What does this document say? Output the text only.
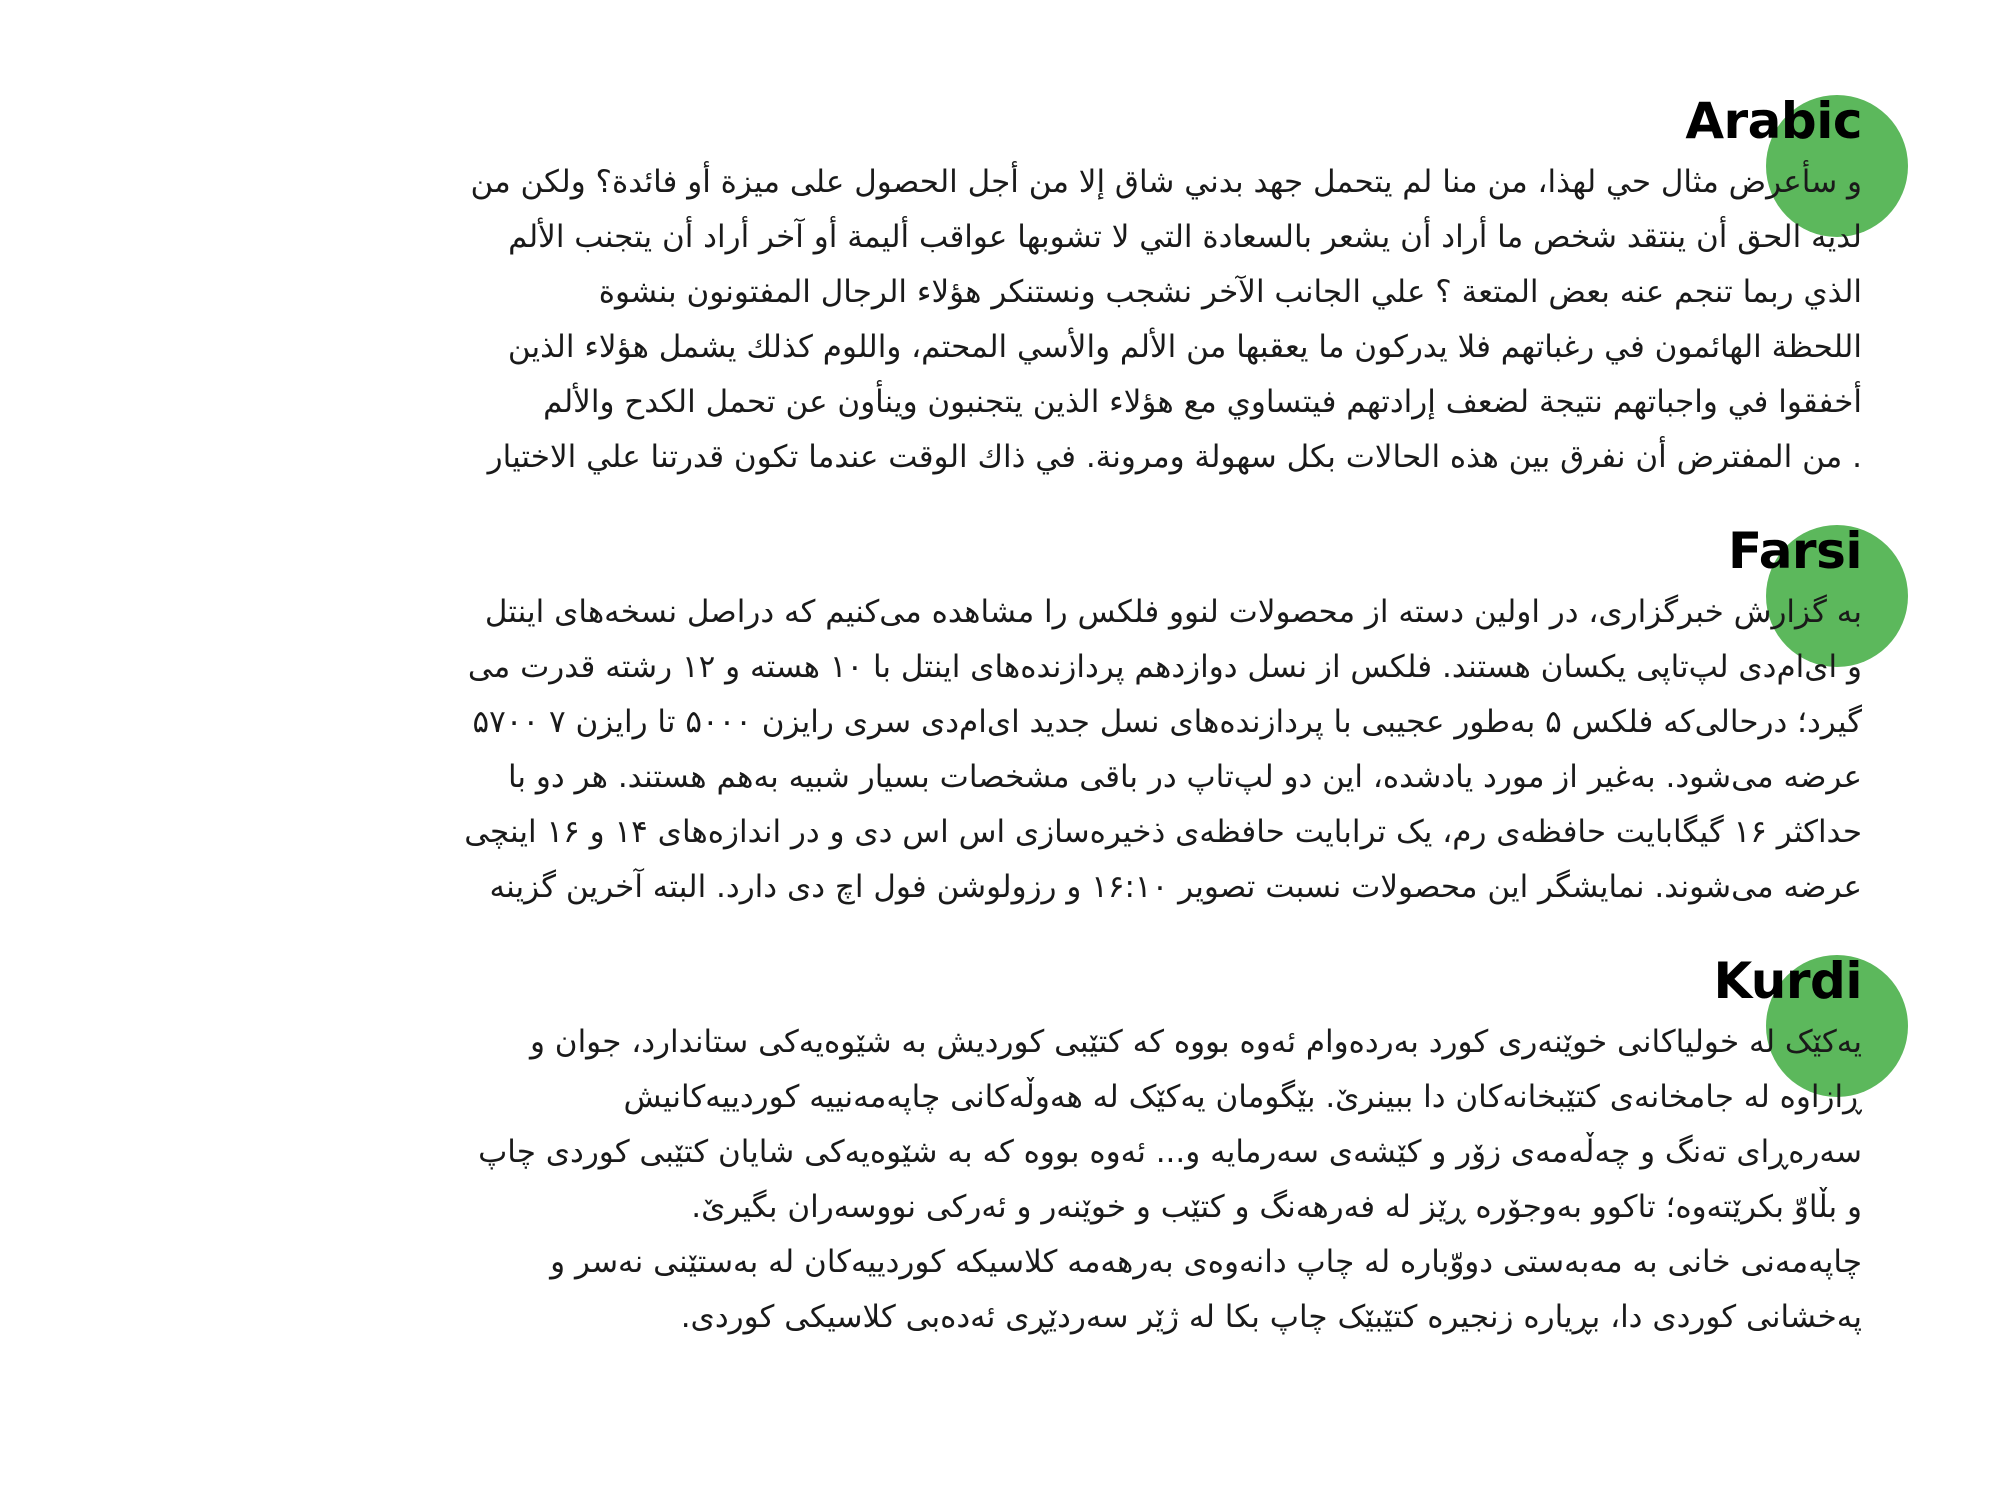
Arabic
و سأعرض مثال حي لهذا، من منا لم يتحمل جهد بدني شاق إلا من أجل الحصول على ميزة أو فائدة؟ ولكن من
لديه الحق أن ينتقد شخص ما أراد أن يشعر بالسعادة التي لا تشوبها عواقب أليمة أو آخر أراد أن يتجنب الألم
الذي ربما تنجم عنه بعض المتعة ؟ علي الجانب الآخر نشجب ونستنكر هؤلاء الرجال المفتونون بنشوة
اللحظة الهائمون في رغباتهم فلا يدركون ما يعقبها من الألم والأسي المحتم، واللوم كذلك يشمل هؤلاء الذين
أخفقوا في واجباتهم نتيجة لضعف إرادتهم فيتساوي مع هؤلاء الذين يتجنبون وينأون عن تحمل الكدح والألم
. من المفترض أن نفرق بين هذه الحالات بكل سهولة ومرونة. في ذاك الوقت عندما تكون قدرتنا علي الاختيار
Farsi
به گزارش خبرگزاری، در اولین دسته از محصولات لنوو فلکس را مشاهده می‌کنیم که دراصل نسخه‌های اینتل
و ای‌ام‌دی لپ‌تاپی یکسان هستند. فلکس از نسل دوازدهم پردازنده‌های اینتل با ۱۰ هسته و ۱۲ رشته قدرت می
گیرد؛ درحالی‌که فلکس ۵ به‌طور عجیبی با پردازنده‌های نسل جدید ای‌ام‌دی سری رایزن ۵۰۰۰ تا رایزن ۷ ۵۷۰۰
عرضه می‌شود. به‌غیر از مورد یادشده، این دو لپ‌تاپ در باقی مشخصات بسیار شبیه به‌هم هستند. هر دو با
حداکثر ۱۶ گیگابایت حافظه‌ی رم، یک ترابایت حافظه‌ی ذخیره‌سازی اس اس دی و در اندازه‌های ۱۴ و ۱۶ اینچی
عرضه می‌شوند. نمایشگر این محصولات نسبت تصویر ۱۶:۱۰ و رزولوشن فول اچ دی دارد. البته آخرین گزینه
Kurdi
یەکێک لە خولیاکانی خوێنەری کورد بەردەوام ئەوە بووە کە کتێبی کوردیش بە شێوەیەکی ستاندارد، جوان و
ڕازاوە لە جامخانەی کتێبخانەکان دا ببینرێ. بێگومان یەکێک لە هەوڵەکانی چاپەمەنییە کوردییەکانیش
ّسەرەڕای تەنگ و چەڵەمەی زۆر و کێشەی سەرمایە و... ئەوە بووە کە بە شێوەیەکی شایان کتێبی کوردی چاپ
و بڵاوّ بکرێتەوە؛ تاکوو بەوجۆرە ڕێز لە فەرهەنگ و کتێب و خوێنەر و ئەرکی نووسەران بگیرێ.
چاپەمەنی خانی بە مەبەستی دووّبارە لە چاپ دانەوەی بەرهەمە کلاسیکە کوردییەکان لە بەستێنی نەسر و
پەخشانی کوردی دا، بڕیارە زنجیرە کتێبێک چاپ بکا لە ژێر سەردێڕی ئەدەبی کلاسیکی کوردی.
